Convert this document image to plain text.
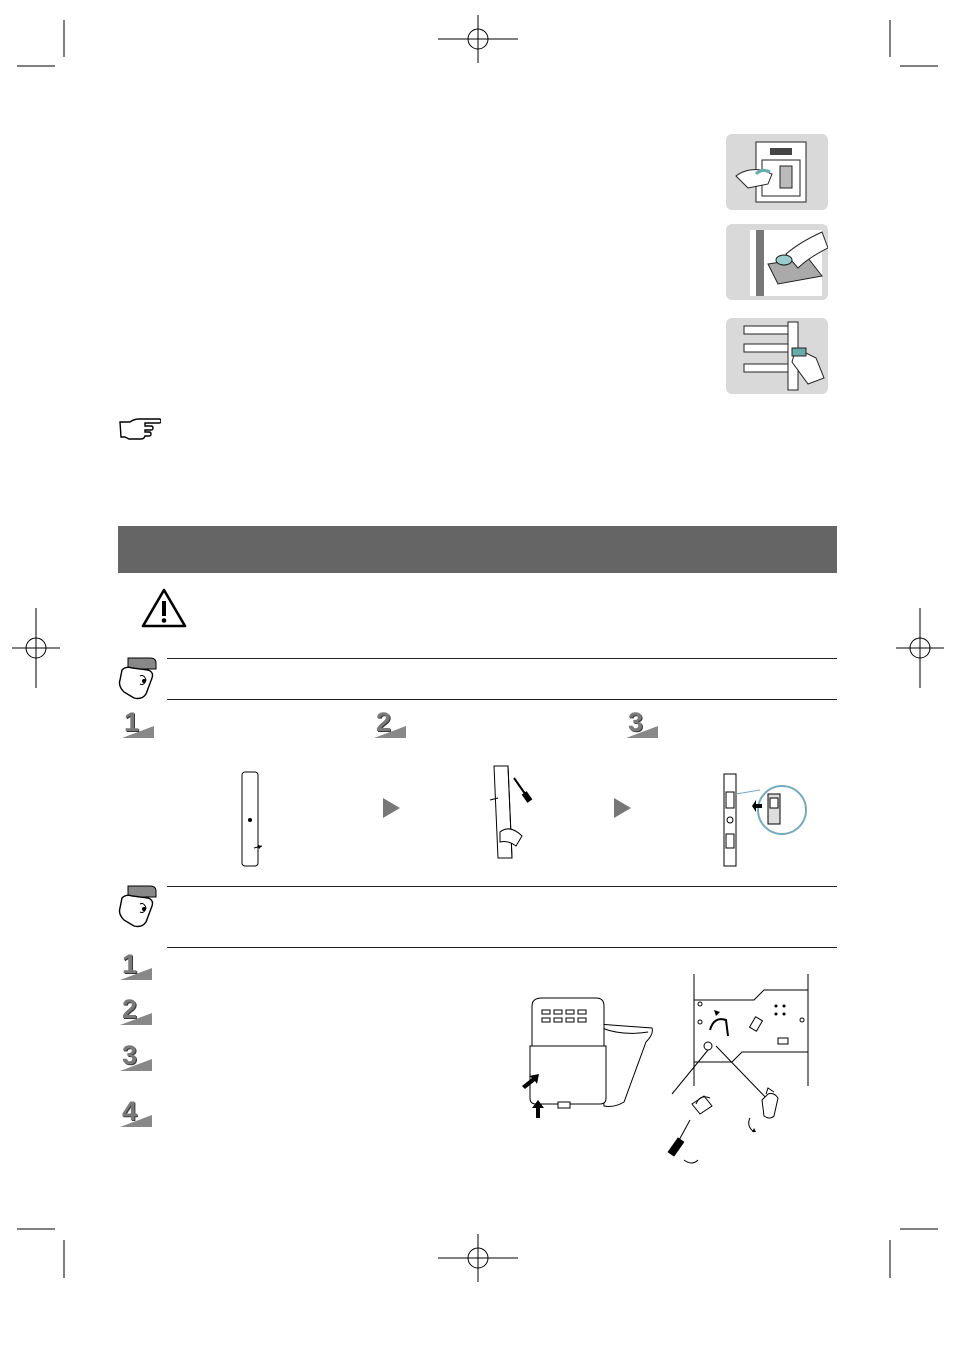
1	2	3
1
2
3
4
